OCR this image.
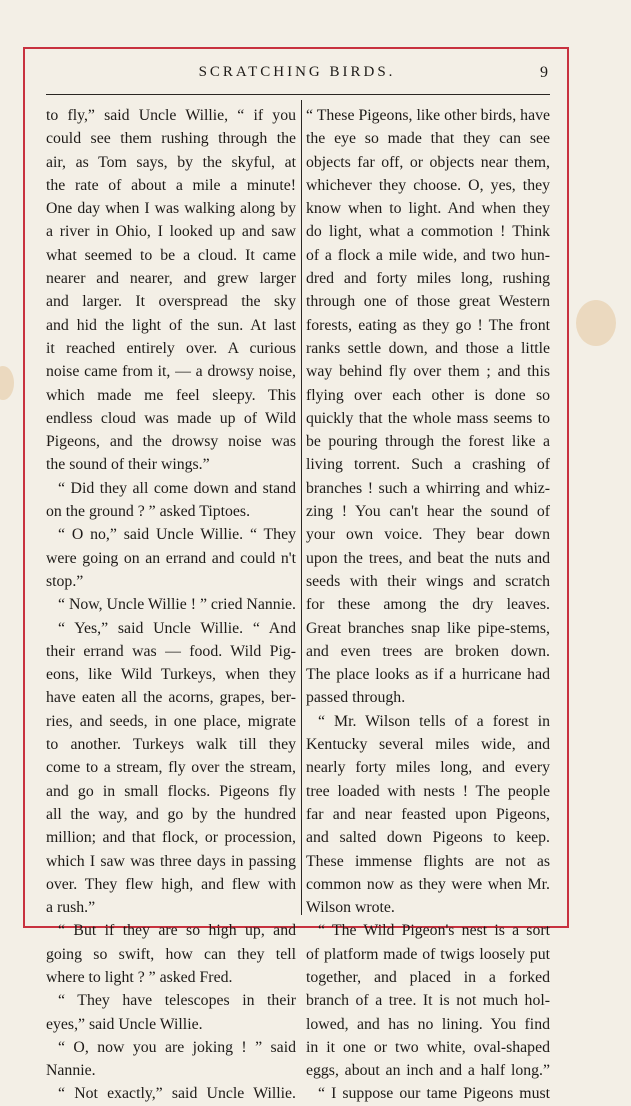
SCRATCHING BIRDS.	9
to fly,” said Uncle Willie, “ if you
could see them rushing through the
air, as Tom says, by the skyful, at
the rate of about a mile a minute!
One day when I was walking along by
a river in Ohio, I looked up and saw
what seemed to be a cloud. It came
nearer and nearer, and grew larger
and larger. It overspread the sky
and hid the light of the sun. At last
it reached entirely over. A curious
noise came from it, — a drowsy noise,
which made me feel sleepy. This
endless cloud was made up of Wild
Pigeons, and the drowsy noise was
the sound of their wings.”
“ Did they all come down and stand
on the ground ? ” asked Tiptoes.
“ O no,” said Uncle Willie. “ They
were going on an errand and could n't
stop.”
“ Now, Uncle Willie ! ” cried Nannie.
“ Yes,” said Uncle Willie. “ And
their errand was — food. Wild Pig-
eons, like Wild Turkeys, when they
have eaten all the acorns, grapes, ber-
ries, and seeds, in one place, migrate
to another. Turkeys walk till they
come to a stream, fly over the stream,
and go in small flocks. Pigeons fly
all the way, and go by the hundred
million; and that flock, or procession,
which I saw was three days in passing
over. They flew high, and flew with
a rush.”
“ But if they are so high up, and
going so swift, how can they tell
where to light ? ” asked Fred.
“ They have telescopes in their
eyes,” said Uncle Willie.
“ O, now you are joking ! ” said
Nannie.
“ Not exactly,” said Uncle Willie.
“ These Pigeons, like other birds, have
the eye so made that they can see
objects far off, or objects near them,
whichever they choose. O, yes, they
know when to light. And when they
do light, what a commotion ! Think
of a flock a mile wide, and two hun-
dred and forty miles long, rushing
through one of those great Western
forests, eating as they go ! The front
ranks settle down, and those a little
way behind fly over them ; and this
flying over each other is done so
quickly that the whole mass seems to
be pouring through the forest like a
living torrent. Such a crashing of
branches ! such a whirring and whiz-
zing ! You can't hear the sound of
your own voice. They bear down
upon the trees, and beat the nuts and
seeds with their wings and scratch
for these among the dry leaves.
Great branches snap like pipe-stems,
and even trees are broken down.
The place looks as if a hurricane had
passed through.
“ Mr. Wilson tells of a forest in
Kentucky several miles wide, and
nearly forty miles long, and every
tree loaded with nests ! The people
far and near feasted upon Pigeons,
and salted down Pigeons to keep.
These immense flights are not as
common now as they were when Mr.
Wilson wrote.
“ The Wild Pigeon's nest is a sort
of platform made of twigs loosely put
together, and placed in a forked
branch of a tree. It is not much hol-
lowed, and has no lining. You find
in it one or two white, oval-shaped
eggs, about an inch and a half long.”
“ I suppose our tame Pigeons must
